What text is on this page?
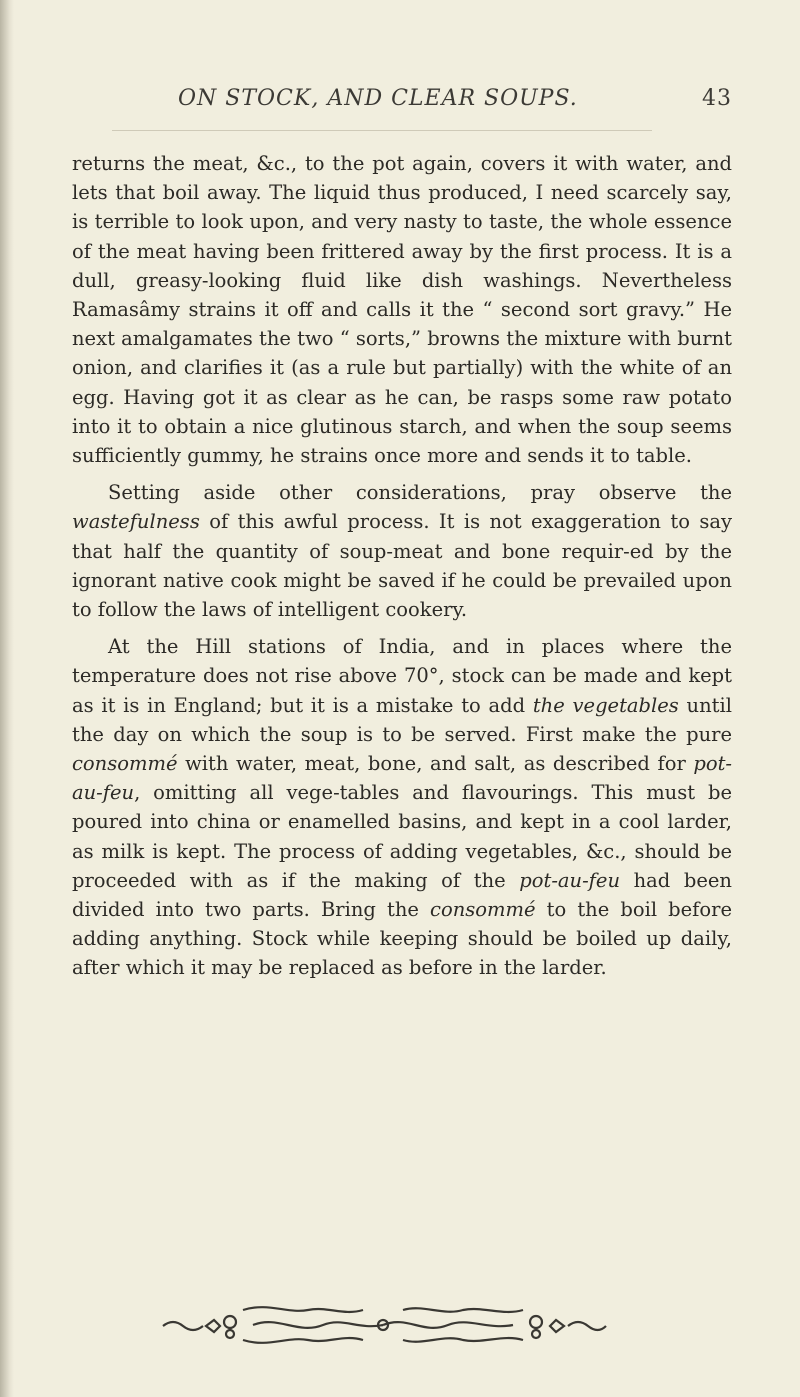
ON STOCK, AND CLEAR SOUPS.	43

returns the meat, &c., to the pot again, covers it with water, and lets that boil away. The liquid thus produced, I need scarcely say, is terrible to look upon, and very nasty to taste, the whole essence of the meat having been frittered away by the first process. It is a dull, greasy-looking fluid like dish washings. Nevertheless Ramasâmy strains it off and calls it the “ second sort gravy.” He next amalgamates the two “ sorts,” browns the mixture with burnt onion, and clarifies it (as a rule but partially) with the white of an egg. Having got it as clear as he can, be rasps some raw potato into it to obtain a nice glutinous starch, and when the soup seems sufficiently gummy, he strains once more and sends it to table.

Setting aside other considerations, pray observe the wastefulness of this awful process. It is not exaggeration to say that half the quantity of soup-meat and bone requir-ed by the ignorant native cook might be saved if he could be prevailed upon to follow the laws of intelligent cookery.

At the Hill stations of India, and in places where the temperature does not rise above 70°, stock can be made and kept as it is in England; but it is a mistake to add the vegetables until the day on which the soup is to be served. First make the pure consommé with water, meat, bone, and salt, as described for pot-au-feu, omitting all vege-tables and flavourings. This must be poured into china or enamelled basins, and kept in a cool larder, as milk is kept. The process of adding vegetables, &c., should be proceeded with as if the making of the pot-au-feu had been divided into two parts. Bring the consommé to the boil before adding anything. Stock while keeping should be boiled up daily, after which it may be replaced as before in the larder.
